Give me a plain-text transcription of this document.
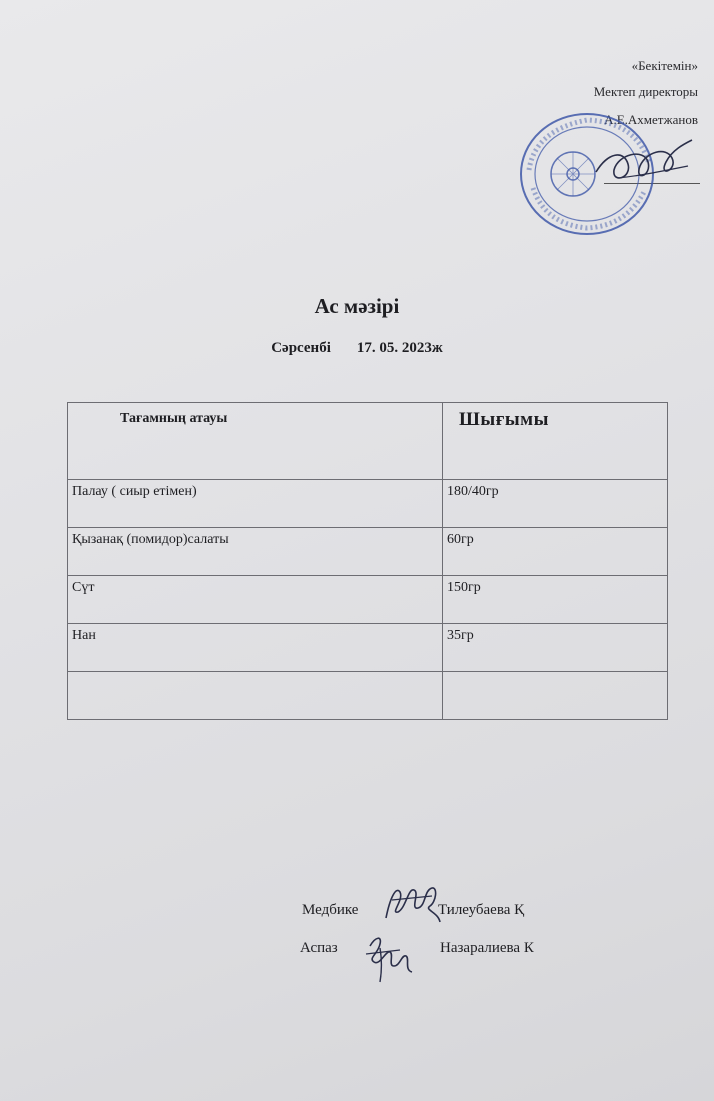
«Бекітемін»
Мектеп директоры
А.Е.Ахметжанов
Ас мәзірі
Сәрсенбі 17. 05. 2023ж
Тағамның атауы	Шығымы

Палау ( сиыр етімен)	180/40гр

Қызанақ (помидор)салаты	60гр

Сүт	150гр

Нан	35гр

Медбике	Тилеубаева Қ
Аспаз	Назаралиева К
